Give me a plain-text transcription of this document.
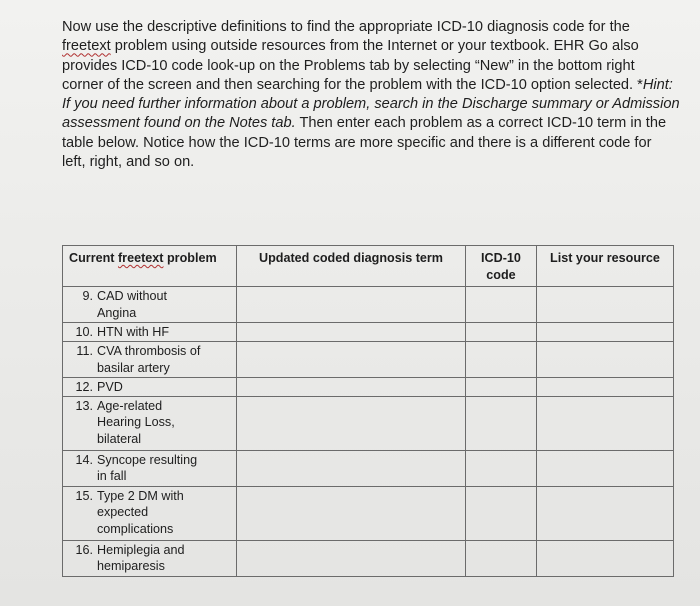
Now use the descriptive definitions to find the appropriate ICD-10 diagnosis code for the

freetext problem using outside resources from the Internet or your textbook. EHR Go also

provides ICD-10 code look-up on the Problems tab by selecting “New” in the bottom right

corner of the screen and then searching for the problem with the ICD-10 option selected. *Hint:

If you need further information about a problem, search in the Discharge summary or Admission

assessment found on the Notes tab. Then enter each problem as a correct ICD-10 term in the

table below. Notice how the ICD-10 terms are more specific and there is a different code for

left, right, and so on.

Current freetext problem	Updated coded diagnosis term	ICD-10
code	List your resource

9. CAD without
Angina			

10. HTN with HF			

11. CVA thrombosis of
basilar artery			

12. PVD			

13. Age-related
Hearing Loss,
bilateral			

14. Syncope resulting
in fall			

15. Type 2 DM with
expected
complications			

16. Hemiplegia and
hemiparesis			
